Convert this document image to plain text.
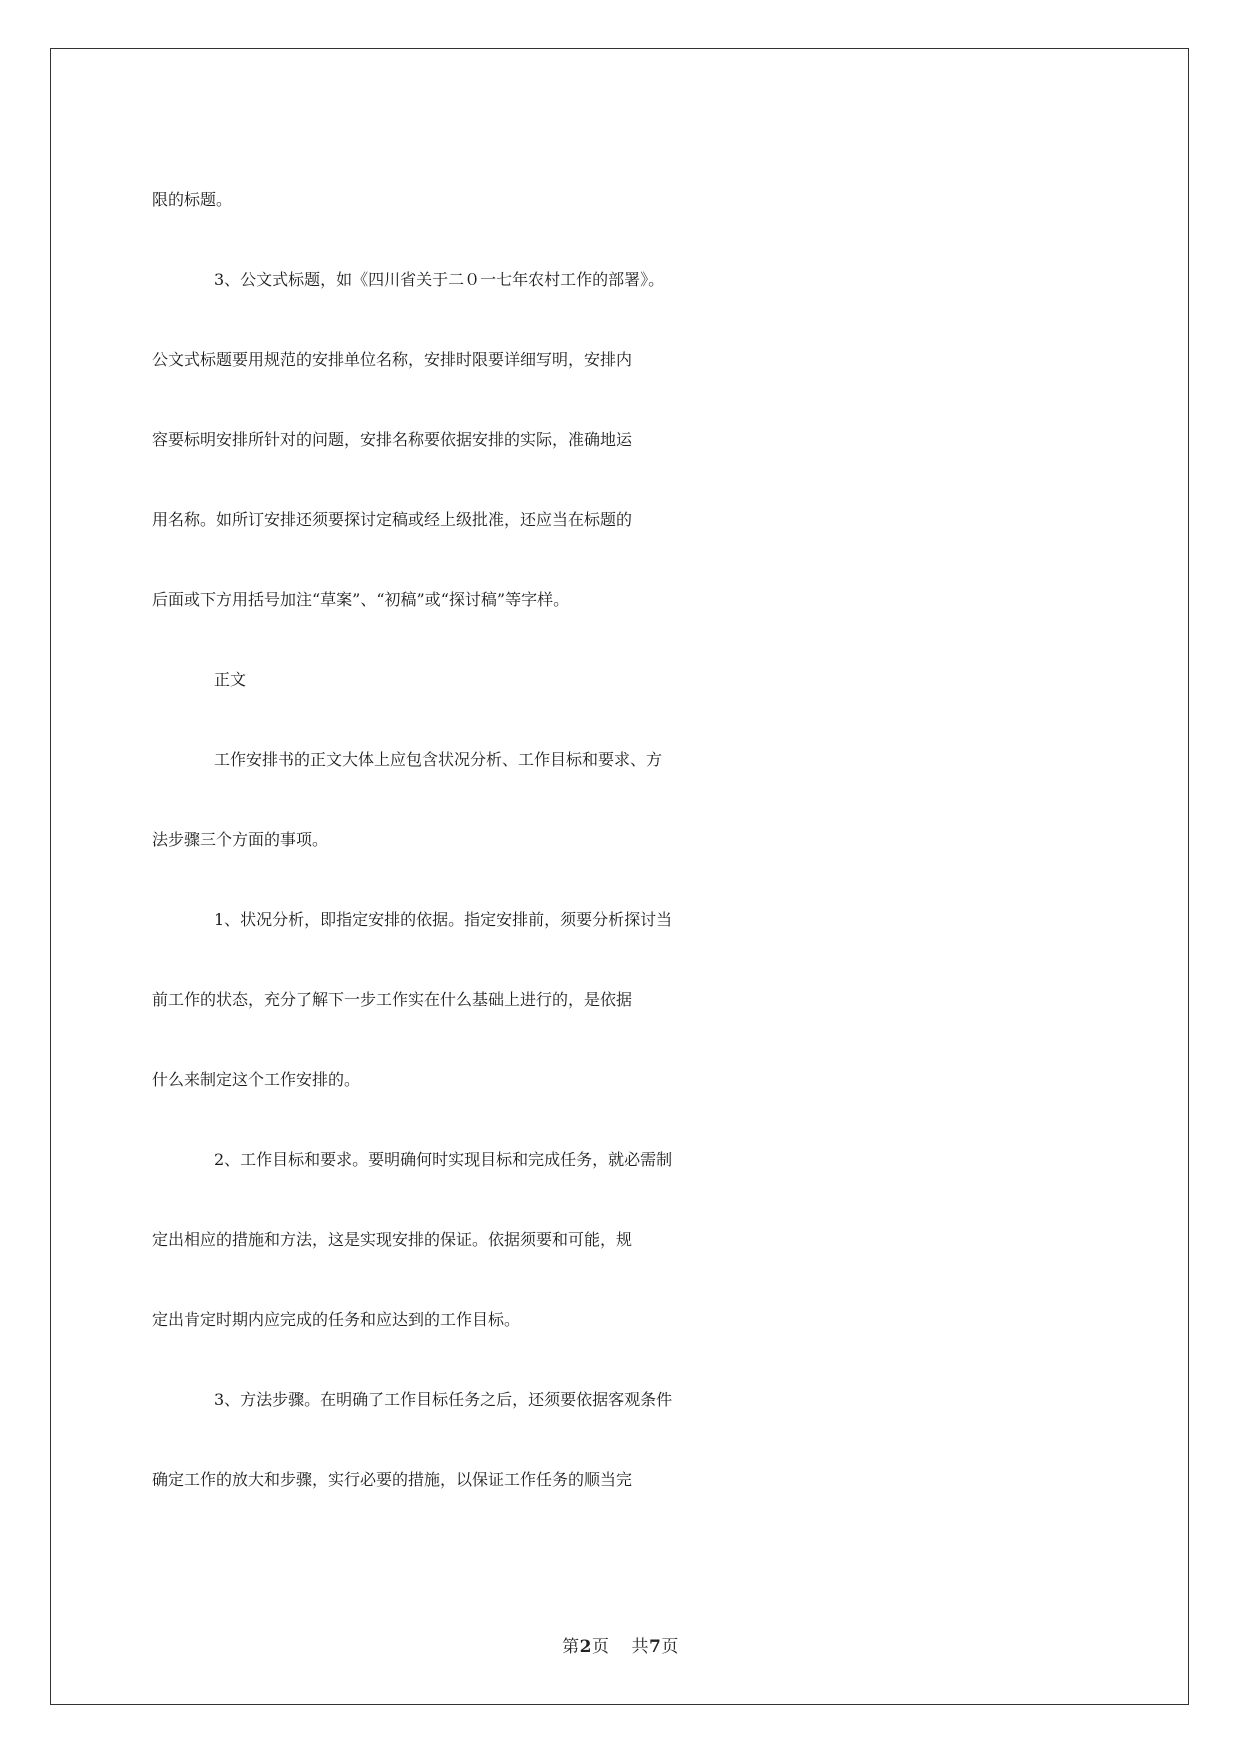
限的标题。
3、公文式标题，如《四川省关于二０一七年农村工作的部署》。
公文式标题要用规范的安排单位名称，安排时限要详细写明，安排内
容要标明安排所针对的问题，安排名称要依据安排的实际，准确地运
用名称。如所订安排还须要探讨定稿或经上级批准，还应当在标题的
后面或下方用括号加注“草案”、“初稿”或“探讨稿”等字样。
正文
工作安排书的正文大体上应包含状况分析、工作目标和要求、方
法步骤三个方面的事项。
1、状况分析，即指定安排的依据。指定安排前，须要分析探讨当
前工作的状态，充分了解下一步工作实在什么基础上进行的，是依据
什么来制定这个工作安排的。
2、工作目标和要求。要明确何时实现目标和完成任务，就必需制
定出相应的措施和方法，这是实现安排的保证。依据须要和可能，规
定出肯定时期内应完成的任务和应达到的工作目标。
3、方法步骤。在明确了工作目标任务之后，还须要依据客观条件
确定工作的放大和步骤，实行必要的措施，以保证工作任务的顺当完
第2页 共7页
